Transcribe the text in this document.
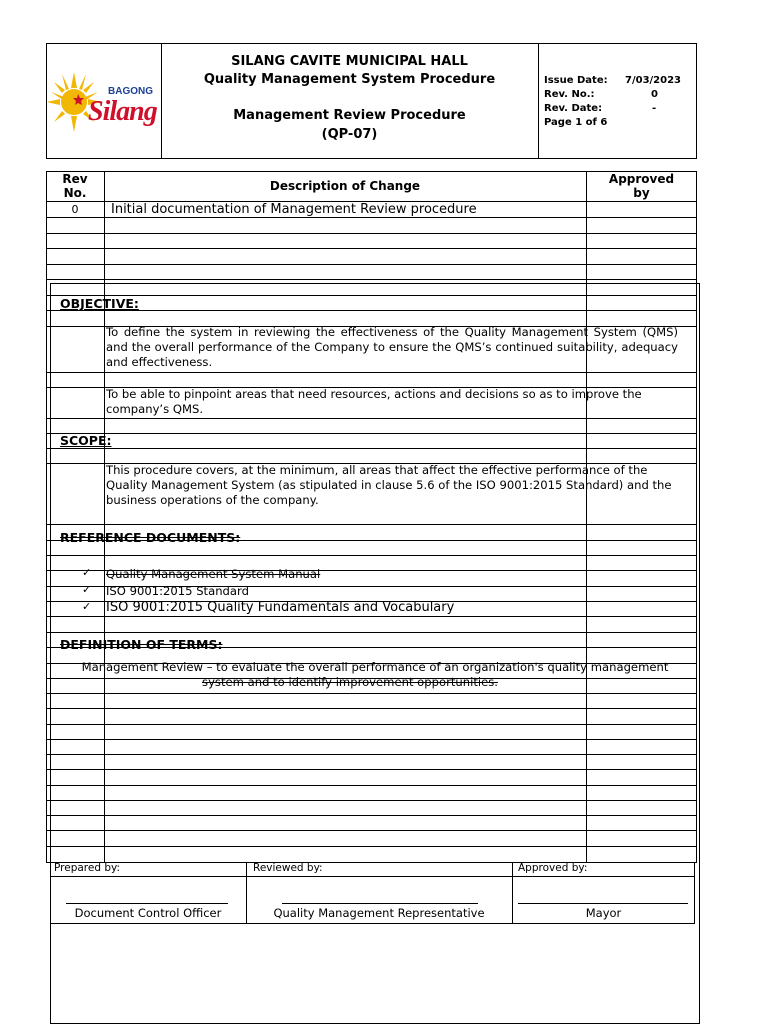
BAGONG
Silang
SILANG CAVITE MUNICIPAL HALL
Quality Management System Procedure
Management Review Procedure
(QP-07)
Issue Date: 7/03/2023
Rev. No.:	0
Rev. Date:	-
Page 1 of 6
Rev
No.	Description of Change	Approved
by
0	Initial documentation of Management Review procedure
OBJECTIVE:
To define the system in reviewing the effectiveness of the Quality Management System (QMS) and the overall performance of the Company to ensure the QMS’s continued suitability, adequacy and effectiveness.
To be able to pinpoint areas that need resources, actions and decisions so as to improve the company’s QMS.
SCOPE:
This procedure covers, at the minimum, all areas that affect the effective performance of the Quality Management System (as stipulated in clause 5.6 of the ISO 9001:2015 Standard) and the business operations of the company.
REFERENCE DOCUMENTS:
✓ Quality Management System Manual
✓ ISO 9001:2015 Standard
✓ ISO 9001:2015 Quality Fundamentals and Vocabulary
DEFINITION OF TERMS:
Management Review – to evaluate the overall performance of an organization's quality management
system and to identify improvement opportunities.
Prepared by:	Reviewed by:	Approved by:
Document Control Officer	Quality Management Representative	Mayor
